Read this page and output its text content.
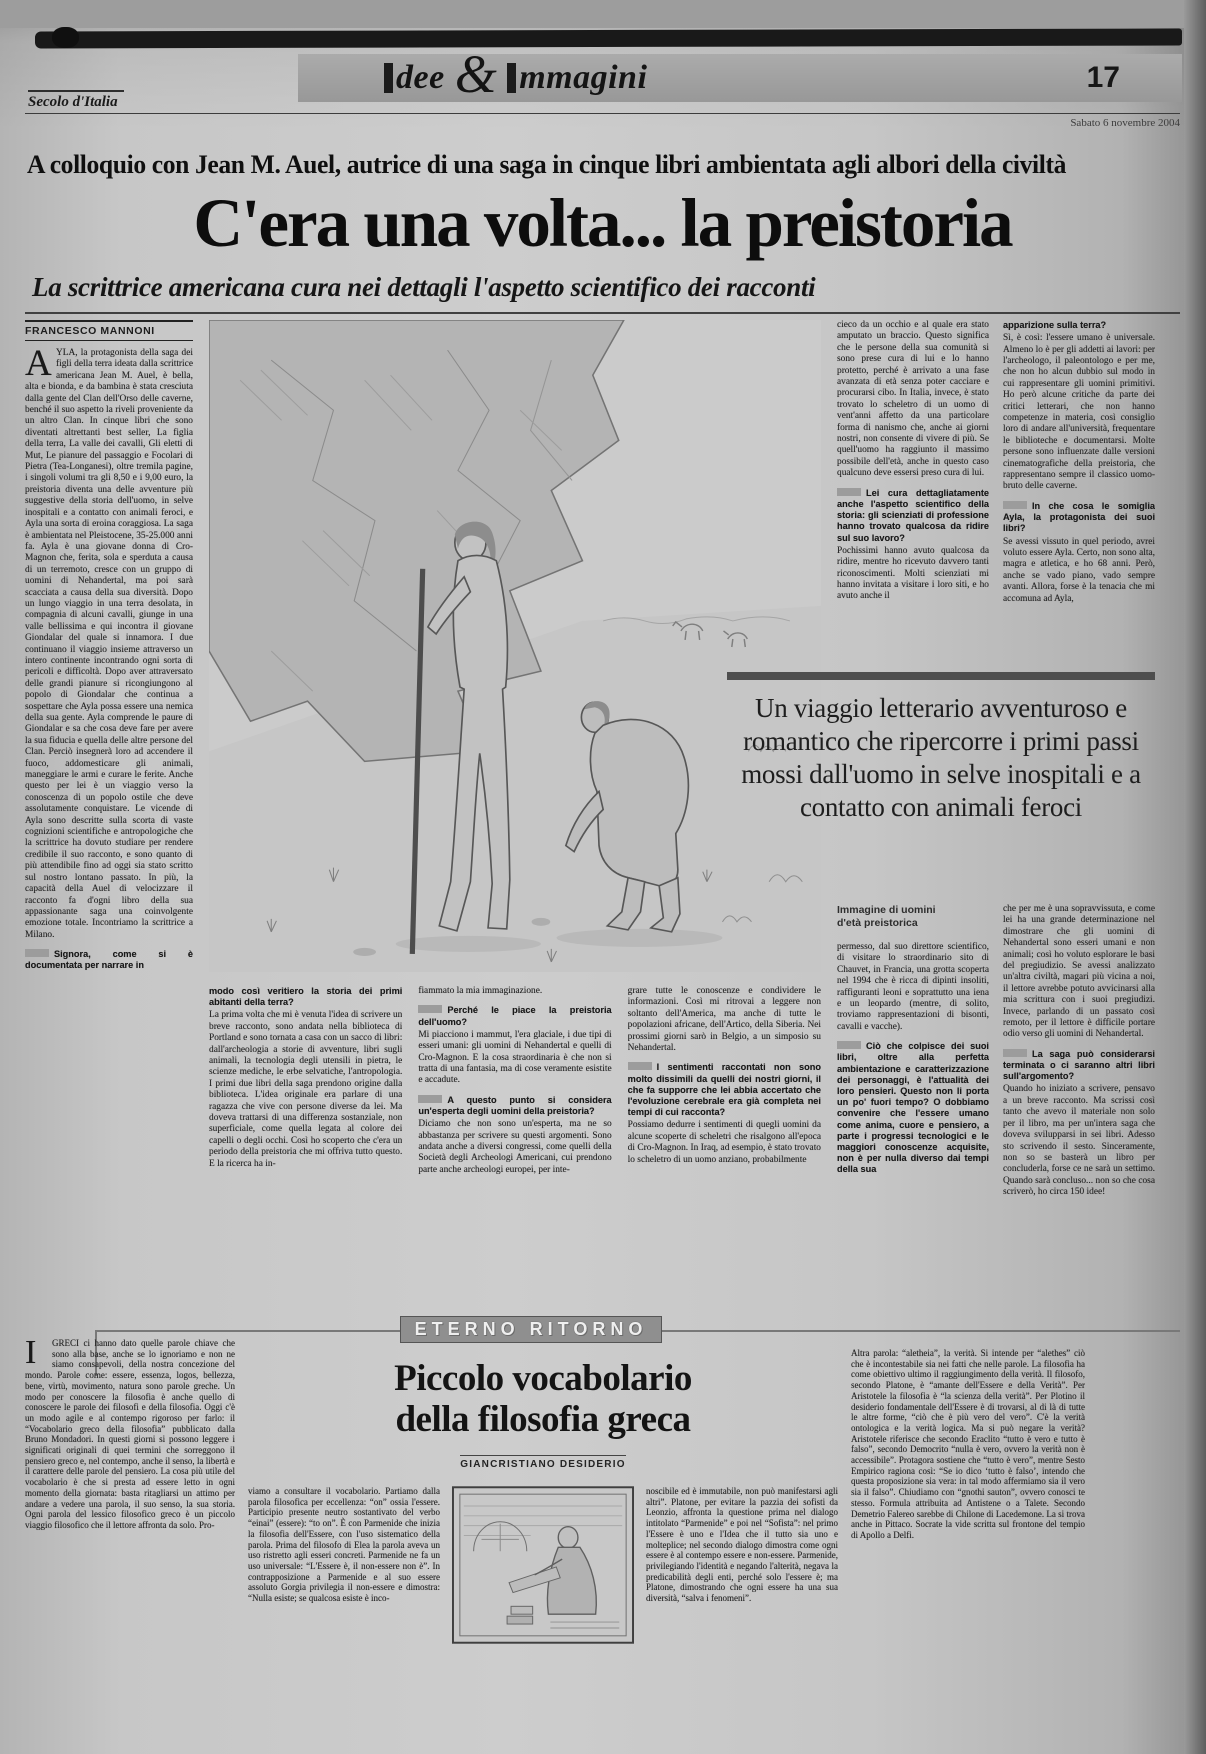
dee & mmagini	17
Secolo d'Italia
Sabato 6 novembre 2004
A colloquio con Jean M. Auel, autrice di una saga in cinque libri ambientata agli albori della civiltà
C'era una volta... la preistoria
La scrittrice americana cura nei dettagli l'aspetto scientifico dei racconti
FRANCESCO MANNONI

AYLA, la protagonista della saga dei figli della terra ideata dalla scrittrice americana Jean M. Auel, è bella, alta e bionda, e da bambina è stata cresciuta dalla gente del Clan dell'Orso delle caverne, benché il suo aspetto la riveli proveniente da un altro Clan. In cinque libri che sono diventati altrettanti best seller, La figlia della terra, La valle dei cavalli, Gli eletti di Mut, Le pianure del passaggio e Focolari di Pietra (Tea-Longanesi), oltre tremila pagine, i singoli volumi tra gli 8,50 e i 9,00 euro, la preistoria diventa una delle avventure più suggestive della storia dell'uomo, in selve inospitali e a contatto con animali feroci, e Ayla una sorta di eroina coraggiosa. La saga è ambientata nel Pleistocene, 35-25.000 anni fa. Ayla è una giovane donna di Cro-Magnon che, ferita, sola e sperduta a causa di un terremoto, cresce con un gruppo di uomini di Nehandertal, ma poi sarà scacciata a causa della sua diversità. Dopo un lungo viaggio in una terra desolata, in compagnia di alcuni cavalli, giunge in una valle bellissima e qui incontra il giovane Giondalar del quale si innamora. I due continuano il viaggio insieme attraverso un intero continente incontrando ogni sorta di pericoli e difficoltà. Dopo aver attraversato delle grandi pianure si ricongiungono al popolo di Giondalar che continua a sospettare che Ayla possa essere una nemica della sua gente. Ayla comprende le paure di Giondalar e sa che cosa deve fare per avere la sua fiducia e quella delle altre persone del Clan. Perciò insegnerà loro ad accendere il fuoco, addomesticare gli animali, maneggiare le armi e curare le ferite. Anche questo per lei è un viaggio verso la conoscenza di un popolo ostile che deve assolutamente conquistare. Le vicende di Ayla sono descritte sulla scorta di vaste cognizioni scientifiche e antropologiche che la scrittrice ha dovuto studiare per rendere credibile il suo racconto, e sono quanto di più attendibile fino ad oggi sia stato scritto sul nostro lontano passato. In più, la capacità della Auel di velocizzare il racconto fa d'ogni libro della sua appassionante saga una coinvolgente emozione totale. Incontriamo la scrittrice a Milano.

Signora, come si è documentata per narrare in

modo così veritiero la storia dei primi abitanti della terra?

La prima volta che mi è venuta l'idea di scrivere un breve racconto, sono andata nella biblioteca di Portland e sono tornata a casa con un sacco di libri: dall'archeologia a storie di avventure, libri sugli animali, la tecnologia degli utensili in pietra, le scienze mediche, le erbe selvatiche, l'antropologia. I primi due libri della saga prendono origine dalla biblioteca. L'idea originale era parlare di una ragazza che vive con persone diverse da lei. Ma doveva trattarsi di una differenza sostanziale, non superficiale, come quella legata al colore dei capelli o degli occhi. Così ho scoperto che c'era un periodo della preistoria che mi offriva tutto questo. E la ricerca ha in-

fiammato la mia immaginazione.

Perché le piace la preistoria dell'uomo?

Mi piacciono i mammut, l'era glaciale, i due tipi di esseri umani: gli uomini di Nehandertal e quelli di Cro-Magnon. E la cosa straordinaria è che non si tratta di una fantasia, ma di cose veramente esistite e accadute.

A questo punto si considera un'esperta degli uomini della preistoria?

Diciamo che non sono un'esperta, ma ne so abbastanza per scrivere su questi argomenti. Sono andata anche a diversi congressi, come quelli della Società degli Archeologi Americani, cui prendono parte anche archeologi europei, per inte-

grare tutte le conoscenze e condividere le informazioni. Così mi ritrovai a leggere non soltanto dell'America, ma anche di tutte le popolazioni africane, dell'Artico, della Siberia. Nei prossimi giorni sarò in Belgio, a un simposio su Nehandertal.

I sentimenti raccontati non sono molto dissimili da quelli dei nostri giorni, il che fa supporre che lei abbia accertato che l'evoluzione cerebrale era già completa nei tempi di cui racconta?

Possiamo dedurre i sentimenti di quegli uomini da alcune scoperte di scheletri che risalgono all'epoca di Cro-Magnon. In Iraq, ad esempio, è stato trovato lo scheletro di un uomo anziano, probabilmente

cieco da un occhio e al quale era stato amputato un braccio. Questo significa che le persone della sua comunità si sono prese cura di lui e lo hanno protetto, perché è arrivato a una fase avanzata di età senza poter cacciare e procurarsi cibo. In Italia, invece, è stato trovato lo scheletro di un uomo di vent'anni affetto da una particolare forma di nanismo che, anche ai giorni nostri, non consente di vivere di più. Se quell'uomo ha raggiunto il massimo possibile dell'età, anche in questo caso qualcuno deve essersi preso cura di lui.

Lei cura dettagliatamente anche l'aspetto scientifico della storia: gli scienziati di professione hanno trovato qualcosa da ridire sul suo lavoro?

Pochissimi hanno avuto qualcosa da ridire, mentre ho ricevuto davvero tanti riconoscimenti. Molti scienziati mi hanno invitata a visitare i loro siti, e ho avuto anche il

apparizione sulla terra?

Sì, è così: l'essere umano è universale. Almeno lo è per gli addetti ai lavori: per l'archeologo, il paleontologo e per me, che non ho alcun dubbio sul modo in cui rappresentare gli uomini primitivi. Ho però alcune critiche da parte dei critici letterari, che non hanno competenze in materia, così consiglio loro di andare all'università, frequentare le biblioteche e documentarsi. Molte persone sono influenzate dalle versioni cinematografiche della preistoria, che rappresentano sempre il classico uomo-bruto delle caverne.

In che cosa le somiglia Ayla, la protagonista dei suoi libri?

Se avessi vissuto in quel periodo, avrei voluto essere Ayla. Certo, non sono alta, magra e atletica, e ho 68 anni. Però, anche se vado piano, vado sempre avanti. Allora, forse è la tenacia che mi accomuna ad Ayla,

Un viaggio letterario avventuroso e romantico che ripercorre i primi passi mossi dall'uomo in selve inospitali e a contatto con animali feroci
Immagine di uomini d'età preistorica

permesso, dal suo direttore scientifico, di visitare lo straordinario sito di Chauvet, in Francia, una grotta scoperta nel 1994 che è ricca di dipinti insoliti, raffiguranti leoni e soprattutto una iena e un leopardo (mentre, di solito, troviamo rappresentazioni di bisonti, cavalli e vacche).

Ciò che colpisce dei suoi libri, oltre alla perfetta ambientazione e caratterizzazione dei personaggi, è l'attualità dei loro pensieri. Questo non li porta un po' fuori tempo? O dobbiamo convenire che l'essere umano come anima, cuore e pensiero, a parte i progressi tecnologici e le maggiori conoscenze acquisite, non è per nulla diverso dai tempi della sua

che per me è una sopravvissuta, e come lei ha una grande determinazione nel dimostrare che gli uomini di Nehandertal sono esseri umani e non animali; così ho voluto esplorare le basi del pregiudizio. Se avessi analizzato un'altra civiltà, magari più vicina a noi, il lettore avrebbe potuto avvicinarsi alla mia scrittura con i suoi pregiudizi. Invece, parlando di un passato così remoto, per il lettore è difficile portare odio verso gli uomini di Nehandertal.

La saga può considerarsi terminata o ci saranno altri libri sull'argomento?

Quando ho iniziato a scrivere, pensavo a un breve racconto. Ma scrissi così tanto che avevo il materiale non solo per il libro, ma per un'intera saga che doveva svilupparsi in sei libri. Adesso sto scrivendo il sesto. Sinceramente, non so se basterà un libro per concluderla, forse ce ne sarà un settimo. Quando sarà concluso... non so che cosa scriverò, ho circa 150 idee!

ETERNO RITORNO

I	GRECI ci hanno dato quelle parole chiave che sono alla base, anche se lo ignoriamo e non ne siamo consapevoli, della nostra concezione del mondo. Parole come: essere, essenza, logos, bellezza, bene, virtù, movimento, natura sono parole greche. Un modo per conoscere la filosofia è anche quello di conoscere le parole dei filosofi e della filosofia. Oggi c'è un modo agile e al contempo rigoroso per farlo: il “Vocabolario greco della filosofia” pubblicato dalla Bruno Mondadori. In questi giorni si possono leggere i significati originali di quei termini che sorreggono il pensiero greco e, nel contempo, anche il senso, la libertà e il carattere delle parole del pensiero. La cosa più utile del vocabolario è che si presta ad essere letto in ogni momento della giornata: basta ritagliarsi un attimo per andare a vedere una parola, il suo senso, la sua storia. Ogni parola del lessico filosofico greco è un piccolo viaggio filosofico che il lettore affronta da solo. Pro-

Piccolo vocabolario
della filosofia greca
GIANCRISTIANO DESIDERIO

viamo a consultare il vocabolario. Partiamo dalla parola filosofica per eccellenza: “on” ossia l'essere. Participio presente neutro sostantivato del verbo “einai” (essere): “to on”. È con Parmenide che inizia la filosofia dell'Essere, con l'uso sistematico della parola. Prima del filosofo di Elea la parola aveva un uso ristretto agli esseri concreti. Parmenide ne fa un uso universale: “L'Essere è, il non-essere non è”. In contrapposizione a Parmenide e al suo essere assoluto Gorgia privilegia il non-essere e dimostra: “Nulla esiste; se qualcosa esiste è inco-

noscibile ed è immutabile, non può manifestarsi agli altri”. Platone, per evitare la pazzia dei sofisti da Leonzio, affronta la questione prima nel dialogo intitolato “Parmenide” e poi nel “Sofista”: nel primo l'Essere è uno e l'Idea che il tutto sia uno e molteplice; nel secondo dialogo dimostra come ogni essere è al contempo essere e non-essere. Parmenide, privilegiando l'identità e negando l'alterità, negava la predicabilità degli enti, perché solo l'essere è; ma Platone, dimostrando che ogni essere ha una sua diversità, “salva i fenomeni”.

Altra parola: “aletheia”, la verità. Si intende per “alethes” ciò che è incontestabile sia nei fatti che nelle parole. La filosofia ha come obiettivo ultimo il raggiungimento della verità. Il filosofo, secondo Platone, è “amante dell'Essere e della Verità”. Per Aristotele la filosofia è “la scienza della verità”. Per Plotino il desiderio fondamentale dell'Essere è di trovarsi, al di là di tutte le altre forme, “ciò che è più vero del vero”. C'è la verità ontologica e la verità logica. Ma si può negare la verità? Aristotele riferisce che secondo Eraclito “tutto è vero e tutto è falso”, secondo Democrito “nulla è vero, ovvero la verità non è accessibile”. Protagora sostiene che “tutto è vero”, mentre Sesto Empirico ragiona così: “Se io dico ‘tutto è falso’, intendo che questa proposizione sia vera: in tal modo affermiamo sia il vero sia il falso”. Chiudiamo con “gnothi sauton”, ovvero conosci te stesso. Formula attribuita ad Antistene o a Talete. Secondo Demetrio Falereo sarebbe di Chilone di Lacedemone. La si trova anche in Pittaco. Socrate la vide scritta sul frontone del tempio di Apollo a Delfi.
